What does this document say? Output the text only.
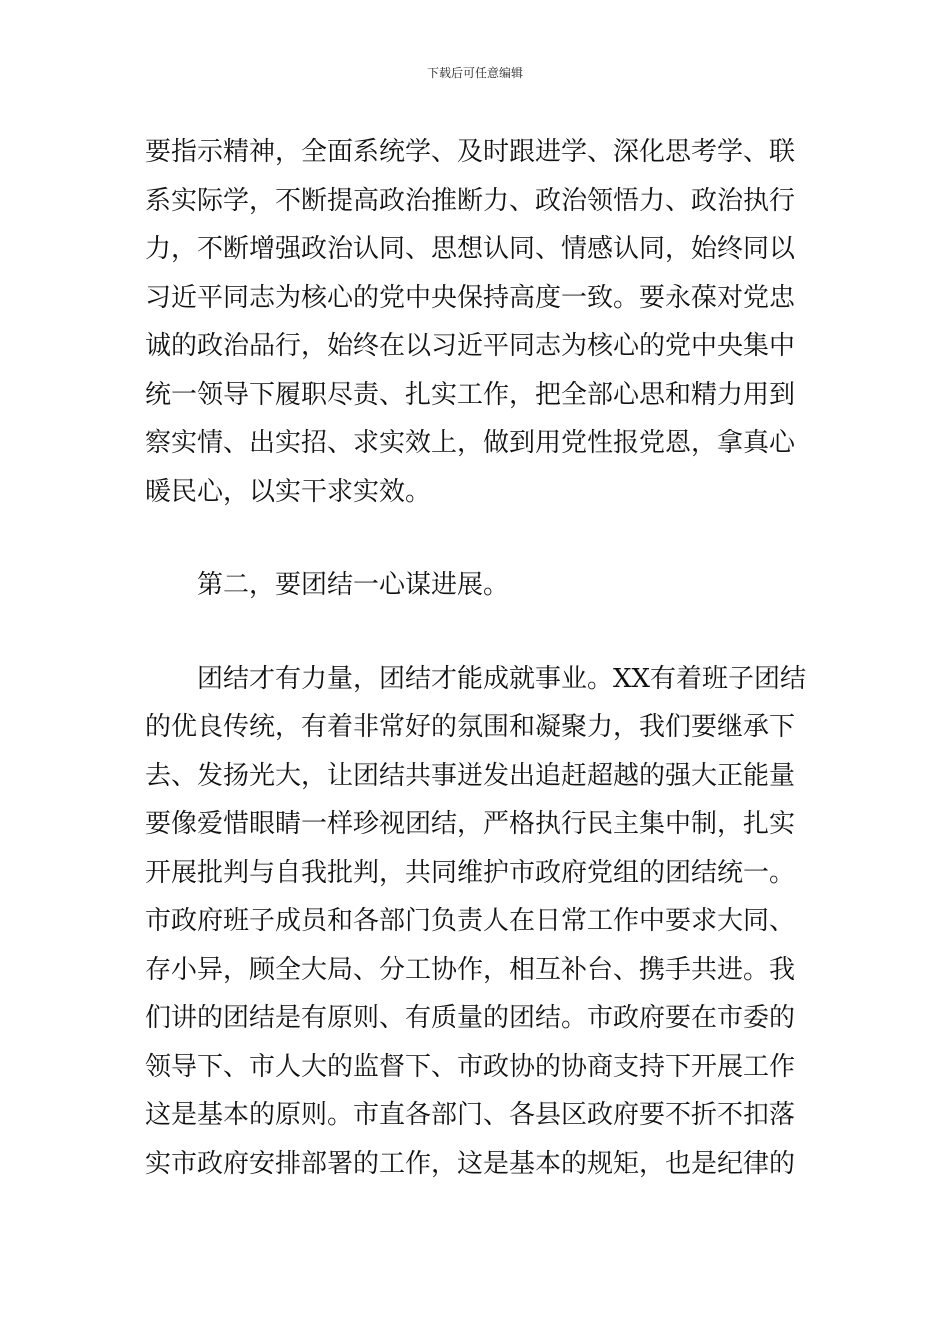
下载后可任意编辑
要指示精神，全面系统学、及时跟进学、深化思考学、联
系实际学，不断提高政治推断力、政治领悟力、政治执行
力，不断增强政治认同、思想认同、情感认同，始终同以
习近平同志为核心的党中央保持高度一致。要永葆对党忠
诚的政治品行，始终在以习近平同志为核心的党中央集中
统一领导下履职尽责、扎实工作，把全部心思和精力用到
察实情、出实招、求实效上，做到用党性报党恩，拿真心
暖民心，以实干求实效。
第二，要团结一心谋进展。
团结才有力量，团结才能成就事业。XX有着班子团结
的优良传统，有着非常好的氛围和凝聚力，我们要继承下
去、发扬光大，让团结共事迸发出追赶超越的强大正能量
要像爱惜眼睛一样珍视团结，严格执行民主集中制，扎实
开展批判与自我批判，共同维护市政府党组的团结统一。
市政府班子成员和各部门负责人在日常工作中要求大同、
存小异，顾全大局、分工协作，相互补台、携手共进。我
们讲的团结是有原则、有质量的团结。市政府要在市委的
领导下、市人大的监督下、市政协的协商支持下开展工作
这是基本的原则。市直各部门、各县区政府要不折不扣落
实市政府安排部署的工作，这是基本的规矩，也是纪律的
